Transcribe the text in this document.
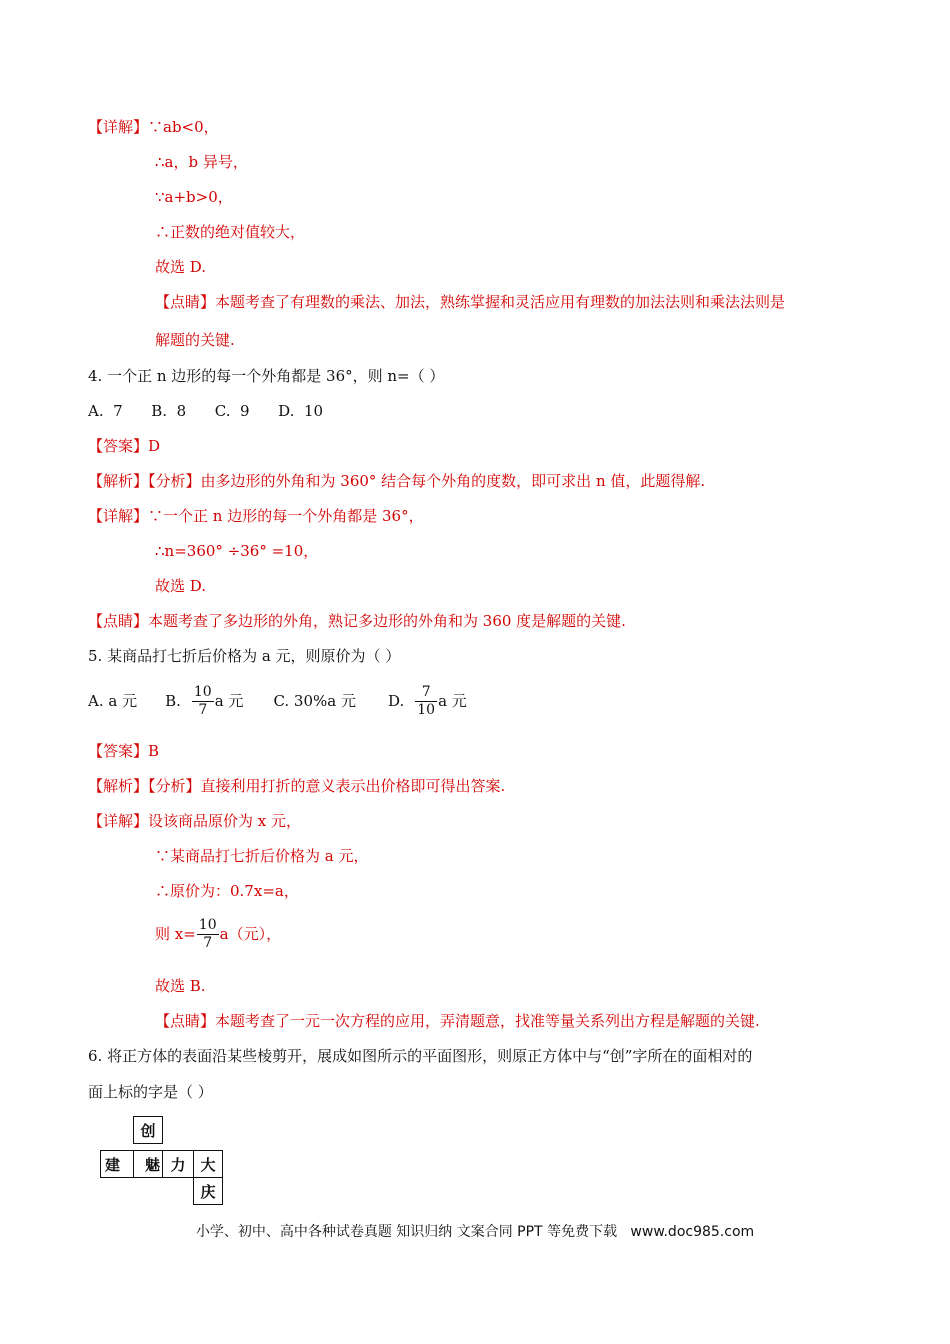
【详解】∵ab<0，
∴a，b 异号，
∵a+b>0，
∴正数的绝对值较大，
故选 D.
【点睛】本题考查了有理数的乘法、加法，熟练掌握和灵活应用有理数的加法法则和乘法法则是
解题的关键.
4. 一个正 n 边形的每一个外角都是 36°，则 n=（ ）
A.  7      B.  8      C.  9      D.  10
【答案】D
【解析】【分析】由多边形的外角和为 360° 结合每个外角的度数，即可求出 n 值，此题得解.
【详解】∵一个正 n 边形的每一个外角都是 36°，
∴n=360° ÷36° =10，
故选 D.
【点睛】本题考查了多边形的外角，熟记多边形的外角和为 360 度是解题的关键.
5. 某商品打七折后价格为 a 元，则原价为（ ）
A. a 元 B. $\frac{10}{7}$ a 元 C. 30%a 元 D. $\frac{7}{10}$ a 元
【答案】B
【解析】【分析】直接利用打折的意义表示出价格即可得出答案.
【详解】设该商品原价为 x 元，
∵某商品打七折后价格为 a 元，
∴原价为：0.7x=a，
则 $x= \frac{10}{7} a$（元），
故选 B.
【点睛】本题考查了一元一次方程的应用，弄清题意，找准等量关系列出方程是解题的关键.
6. 将正方体的表面沿某些棱剪开，展成如图所示的平面图形，则原正方体中与“创”字所在的面相对的
面上标的字是（ ）
创
建	魅 力 大
庆
小学、初中、高中各种试卷真题 知识归纳 文案合同 PPT 等免费下载   www.doc985.com
